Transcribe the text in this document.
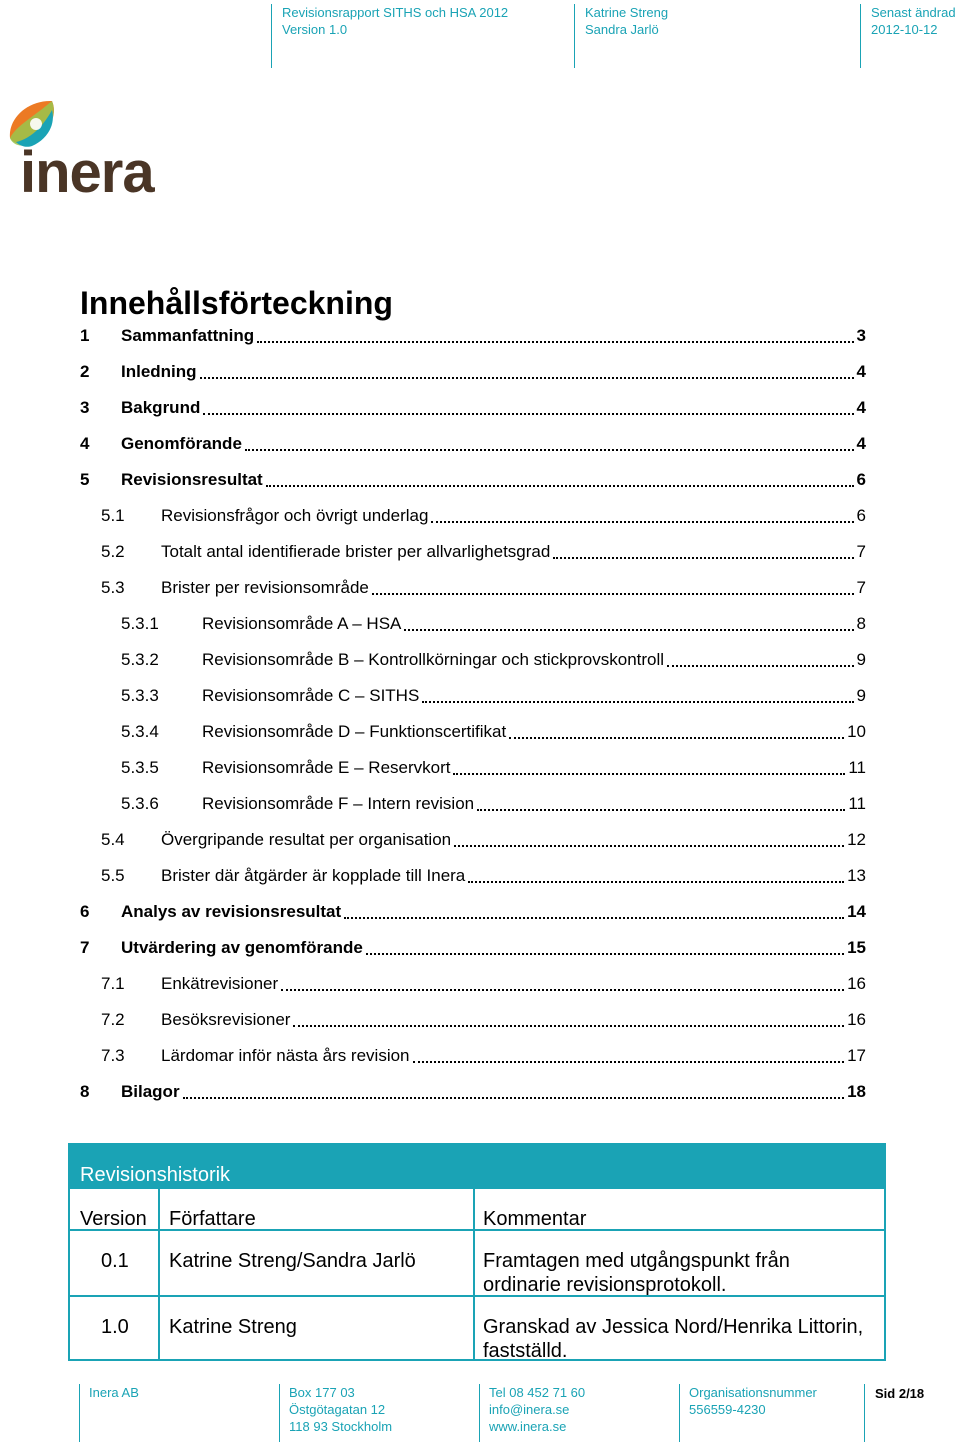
Revisionsrapport SITHS och HSA 2012
Version 1.0
Katrine Streng
Sandra Jarlö
Senast ändrad
2012-10-12
inera
Innehållsförteckning
1	Sammanfattning	3
2	Inledning	4
3	Bakgrund	4
4	Genomförande	4
5	Revisionsresultat	6
5.1	Revisionsfrågor och övrigt underlag	6
5.2	Totalt antal identifierade brister per allvarlighetsgrad	7
5.3	Brister per revisionsområde	7
5.3.1	Revisionsområde A – HSA	8
5.3.2	Revisionsområde B – Kontrollkörningar och stickprovskontroll	9
5.3.3	Revisionsområde C – SITHS	9
5.3.4	Revisionsområde D – Funktionscertifikat	10
5.3.5	Revisionsområde E – Reservkort	11
5.3.6	Revisionsområde F – Intern revision	11
5.4	Övergripande resultat per organisation	12
5.5	Brister där åtgärder är kopplade till Inera	13
6	Analys av revisionsresultat	14
7	Utvärdering av genomförande	15
7.1	Enkätrevisioner	16
7.2	Besöksrevisioner	16
7.3	Lärdomar inför nästa års revision	17
8	Bilagor	18
Revisionshistorik
Version Författare	Kommentar
0.1 Katrine Streng/Sandra Jarlö	Framtagen med utgångspunkt från
ordinarie revisionsprotokoll.
1.0 Katrine Streng	Granskad av Jessica Nord/Henrika Littorin,
fastställd.
Inera AB	Box 177 03
Östgötagatan 12
118 93 Stockholm
Tel 08 452 71 60
info@inera.se
www.inera.se
Organisationsnummer
556559-4230
Sid 2/18
